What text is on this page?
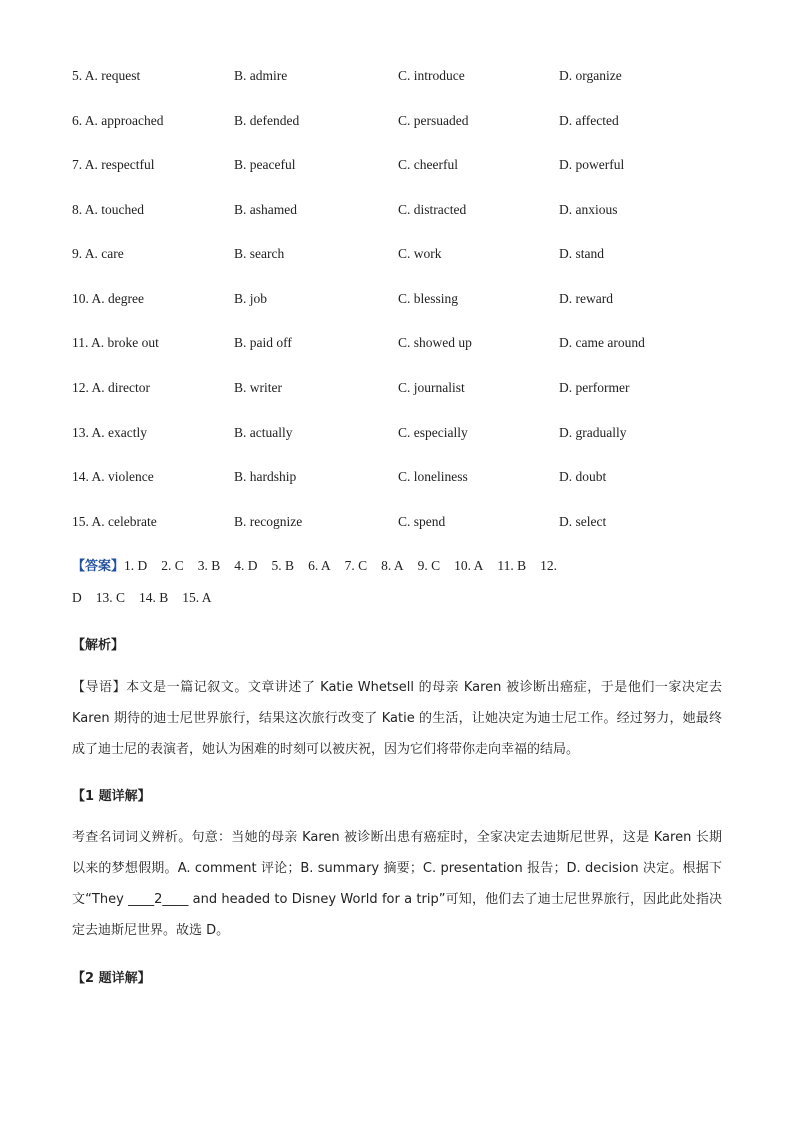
5. A. request	B. admire	C. introduce	D. organize
6. A. approached	B. defended	C. persuaded	D. affected
7. A. respectful	B. peaceful	C. cheerful	D. powerful
8. A. touched	B. ashamed	C. distracted	D. anxious
9. A. care	B. search	C. work	D. stand
10. A. degree	B. job	C. blessing	D. reward
11. A. broke out	B. paid off	C. showed up	D. came around
12. A. director	B. writer	C. journalist	D. performer
13. A. exactly	B. actually	C. especially	D. gradually
14. A. violence	B. hardship	C. loneliness	D. doubt
15. A. celebrate	B. recognize	C. spend	D. select
【答案】1. D 2. C 3. B 4. D 5. B 6. A 7. C 8. A 9. C 10. A 11. B 12.
D 13. C 14. B 15. A
【解析】
【导语】本文是一篇记叙文。文章讲述了 Katie Whetsell 的母亲 Karen 被诊断出癌症，于是他们一家决定去 Karen 期待的迪士尼世界旅行，结果这次旅行改变了 Katie 的生活，让她决定为迪士尼工作。经过努力，她最终成了迪士尼的表演者，她认为困难的时刻可以被庆祝，因为它们将带你走向幸福的结局。
【1 题详解】
考查名词词义辨析。句意：当她的母亲 Karen 被诊断出患有癌症时，全家决定去迪斯尼世界，这是 Karen 长期以来的梦想假期。A. comment 评论；B. summary 摘要；C. presentation 报告；D. decision 决定。根据下文“They ____2____ and headed to Disney World for a trip”可知，他们去了迪士尼世界旅行，因此此处指决定去迪斯尼世界。故选 D。
【2 题详解】
